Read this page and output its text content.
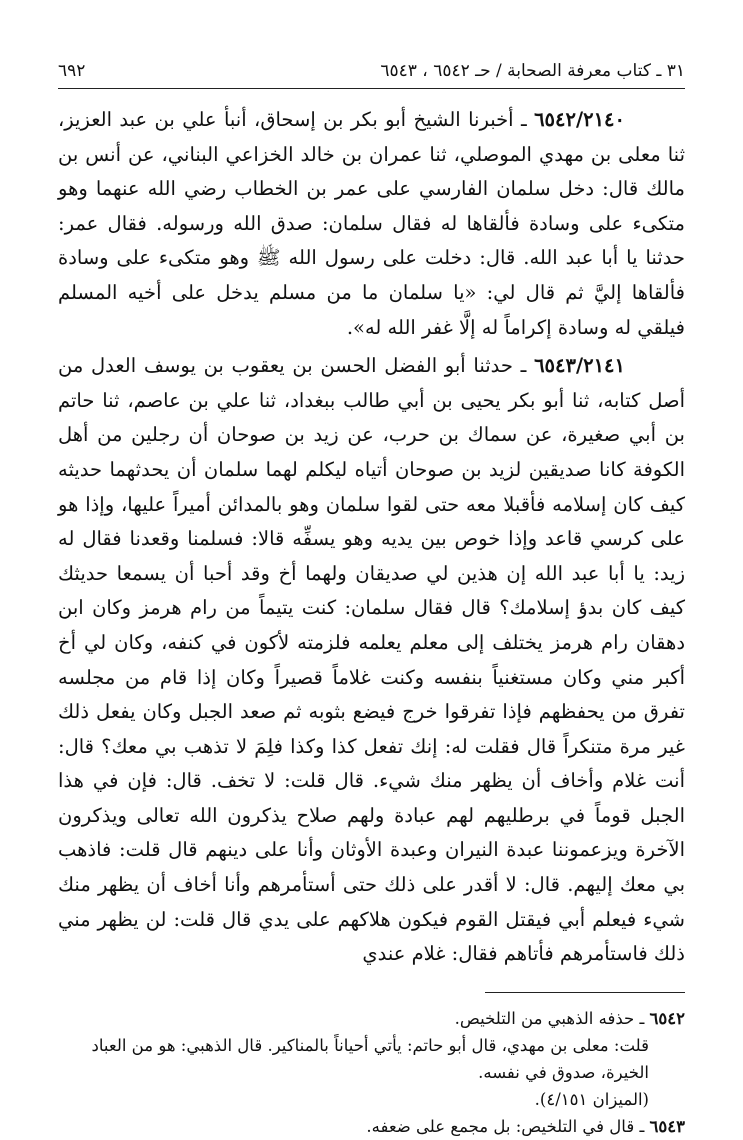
٣١ ـ كتاب معرفة الصحابة / حـ ٦٥٤٢ ، ٦٥٤٣
٦٩٢

٦٥٤٢/٢١٤٠ ـ أخبرنا الشيخ أبو بكر بن إسحاق، أنبأ علي بن عبد العزيز، ثنا معلى بن مهدي الموصلي، ثنا عمران بن خالد الخزاعي البناني، عن أنس بن مالك قال: دخل سلمان الفارسي على عمر بن الخطاب رضي الله عنهما وهو متكىء على وسادة فألقاها له فقال سلمان: صدق الله ورسوله. فقال عمر: حدثنا يا أبا عبد الله. قال: دخلت على رسول الله ﷺ وهو متكىء على وسادة فألقاها إليَّ ثم قال لي: «يا سلمان ما من مسلم يدخل على أخيه المسلم فيلقي له وسادة إكراماً له إلَّا غفر الله له».

٦٥٤٣/٢١٤١ ـ حدثنا أبو الفضل الحسن بن يعقوب بن يوسف العدل من أصل كتابه، ثنا أبو بكر يحيى بن أبي طالب ببغداد، ثنا علي بن عاصم، ثنا حاتم بن أبي صغيرة، عن سماك بن حرب، عن زيد بن صوحان أن رجلين من أهل الكوفة كانا صديقين لزيد بن صوحان أتياه ليكلم لهما سلمان أن يحدثهما حديثه كيف كان إسلامه فأقبلا معه حتى لقوا سلمان وهو بالمدائن أميراً عليها، وإذا هو على كرسي قاعد وإذا خوص بين يديه وهو يسفِّه قالا: فسلمنا وقعدنا فقال له زيد: يا أبا عبد الله إن هذين لي صديقان ولهما أخ وقد أحبا أن يسمعا حديثك كيف كان بدؤ إسلامك؟ قال فقال سلمان: كنت يتيماً من رام هرمز وكان ابن دهقان رام هرمز يختلف إلى معلم يعلمه فلزمته لأكون في كنفه، وكان لي أخ أكبر مني وكان مستغنياً بنفسه وكنت غلاماً قصيراً وكان إذا قام من مجلسه تفرق من يحفظهم فإذا تفرقوا خرج فيضع بثوبه ثم صعد الجبل وكان يفعل ذلك غير مرة متنكراً قال فقلت له: إنك تفعل كذا وكذا فلِمَ لا تذهب بي معك؟ قال: أنت غلام وأخاف أن يظهر منك شيء. قال قلت: لا تخف. قال: فإن في هذا الجبل قوماً في برطليهم لهم عبادة ولهم صلاح يذكرون الله تعالى ويذكرون الآخرة ويزعموننا عبدة النيران وعبدة الأوثان وأنا على دينهم قال قلت: فاذهب بي معك إليهم. قال: لا أقدر على ذلك حتى أستأمرهم وأنا أخاف أن يظهر منك شيء فيعلم أبي فيقتل القوم فيكون هلاكهم على يدي قال قلت: لن يظهر مني ذلك فاستأمرهم فأتاهم فقال: غلام عندي

٦٥٤٢ ـ حذفه الذهبي من التلخيص.

قلت: معلى بن مهدي، قال أبو حاتم: يأتي أحياناً بالمناكير. قال الذهبي: هو من العباد الخيرة، صدوق في نفسه.

(الميزان ٤/١٥١).

٦٥٤٣ ـ قال في التلخيص: بل مجمع على ضعفه.
